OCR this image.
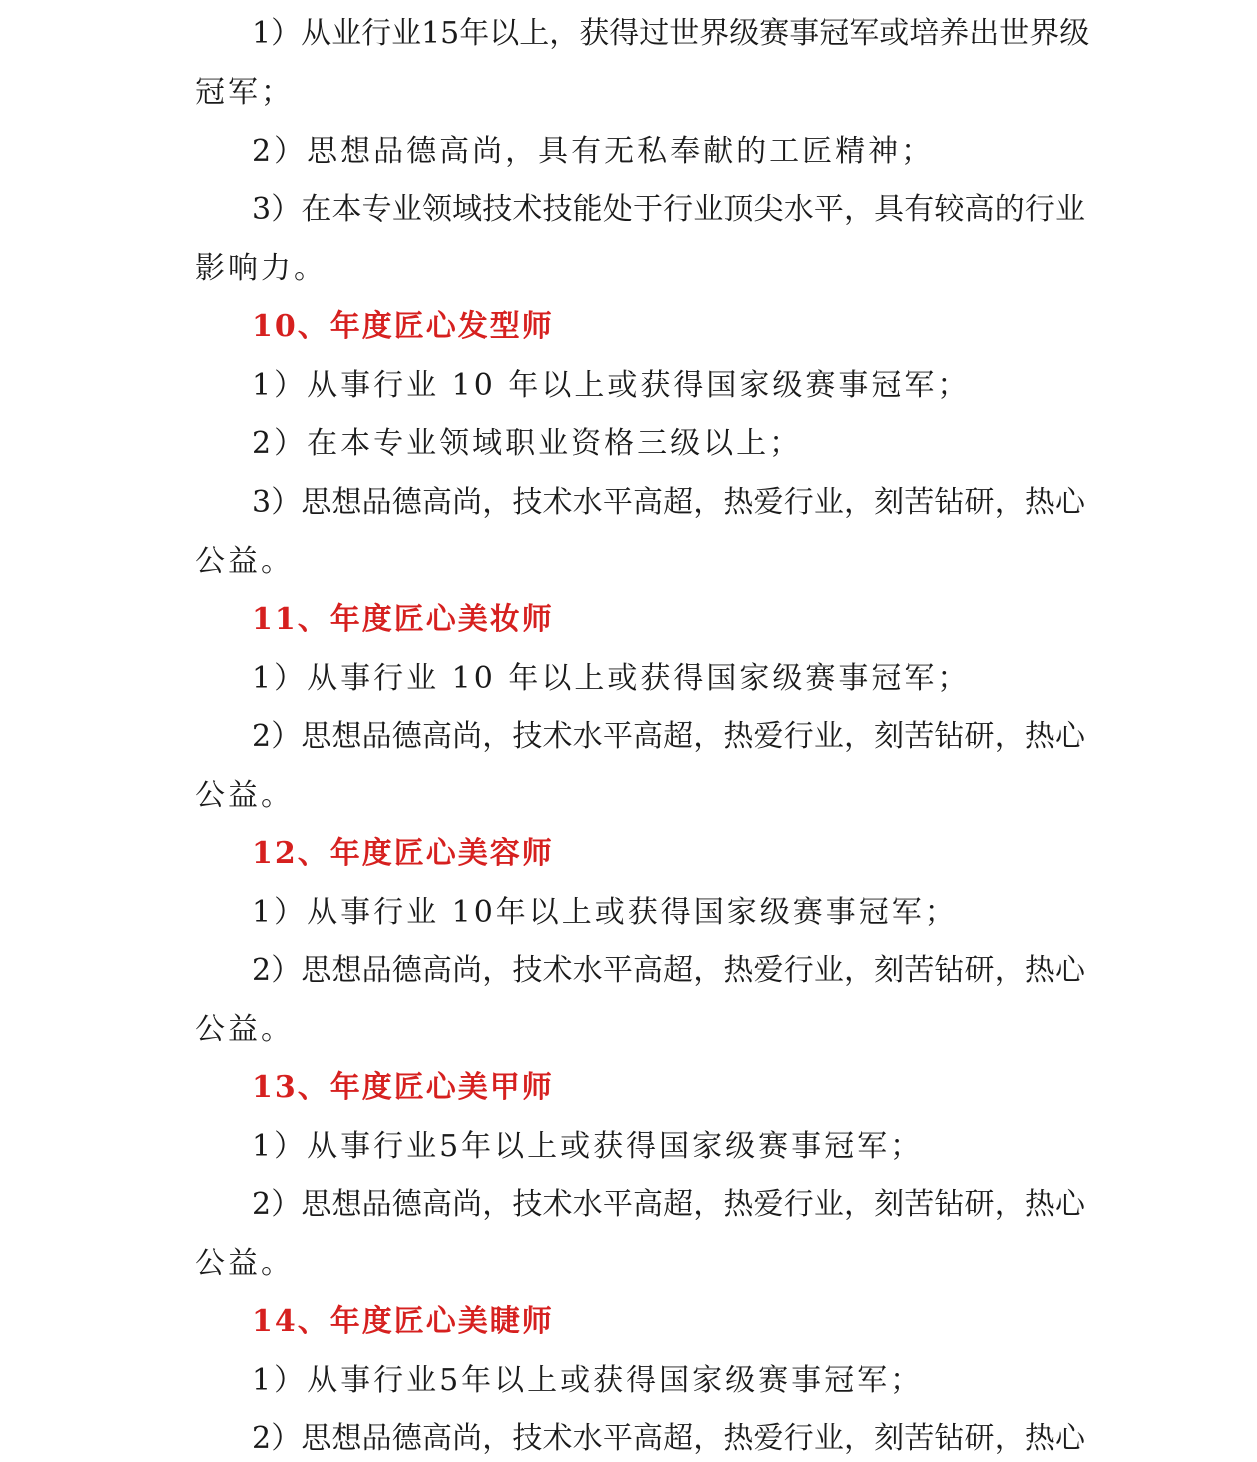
1）从业行业15年以上，获得过世界级赛事冠军或培养出世界级
冠军；
2）思想品德高尚，具有无私奉献的工匠精神；
3）在本专业领域技术技能处于行业顶尖水平，具有较高的行业
影响力。
10、年度匠心发型师
1）从事行业 10 年以上或获得国家级赛事冠军；
2）在本专业领域职业资格三级以上；
3）思想品德高尚，技术水平高超，热爱行业，刻苦钻研，热心
公益。
11、年度匠心美妆师
1）从事行业 10 年以上或获得国家级赛事冠军；
2）思想品德高尚，技术水平高超，热爱行业，刻苦钻研，热心
公益。
12、年度匠心美容师
1）从事行业 10年以上或获得国家级赛事冠军；
2）思想品德高尚，技术水平高超，热爱行业，刻苦钻研，热心
公益。
13、年度匠心美甲师
1）从事行业5年以上或获得国家级赛事冠军；
2）思想品德高尚，技术水平高超，热爱行业，刻苦钻研，热心
公益。
14、年度匠心美睫师
1）从事行业5年以上或获得国家级赛事冠军；
2）思想品德高尚，技术水平高超，热爱行业，刻苦钻研，热心
